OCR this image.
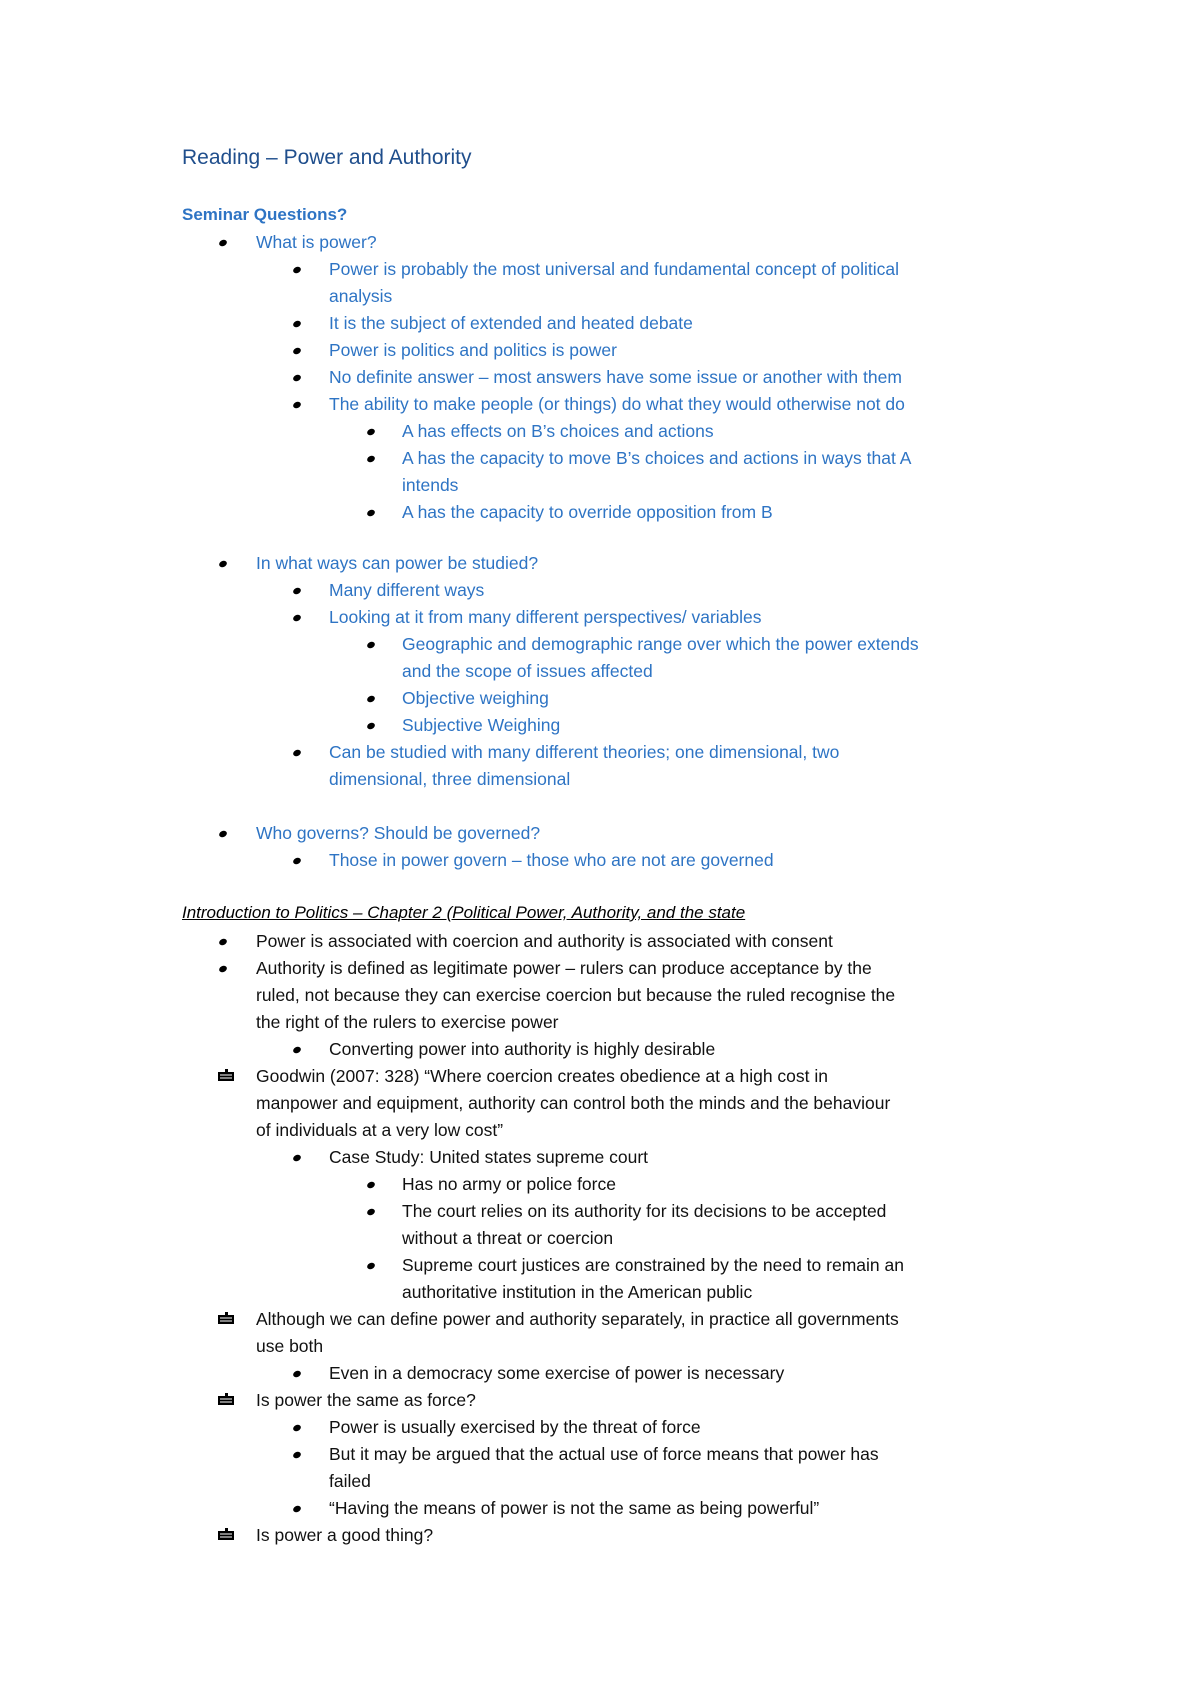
Reading – Power and Authority
Seminar Questions?
What is power?
Power is probably the most universal and fundamental concept of political
analysis
It is the subject of extended and heated debate
Power is politics and politics is power
No definite answer – most answers have some issue or another with them
The ability to make people (or things) do what they would otherwise not do
A has effects on B’s choices and actions
A has the capacity to move B’s choices and actions in ways that A
intends
A has the capacity to override opposition from B
In what ways can power be studied?
Many different ways
Looking at it from many different perspectives/ variables
Geographic and demographic range over which the power extends
and the scope of issues affected
Objective weighing
Subjective Weighing
Can be studied with many different theories; one dimensional, two
dimensional, three dimensional
Who governs? Should be governed?
Those in power govern – those who are not are governed
Introduction to Politics – Chapter 2 (Political Power, Authority, and the state
Power is associated with coercion and authority is associated with consent
Authority is defined as legitimate power – rulers can produce acceptance by the
ruled, not because they can exercise coercion but because the ruled recognise the
the right of the rulers to exercise power
Converting power into authority is highly desirable
Goodwin (2007: 328) “Where coercion creates obedience at a high cost in
manpower and equipment, authority can control both the minds and the behaviour
of individuals at a very low cost”
Case Study: United states supreme court
Has no army or police force
The court relies on its authority for its decisions to be accepted
without a threat or coercion
Supreme court justices are constrained by the need to remain an
authoritative institution in the American public
Although we can define power and authority separately, in practice all governments
use both
Even in a democracy some exercise of power is necessary
Is power the same as force?
Power is usually exercised by the threat of force
But it may be argued that the actual use of force means that power has
failed
“Having the means of power is not the same as being powerful”
Is power a good thing?
